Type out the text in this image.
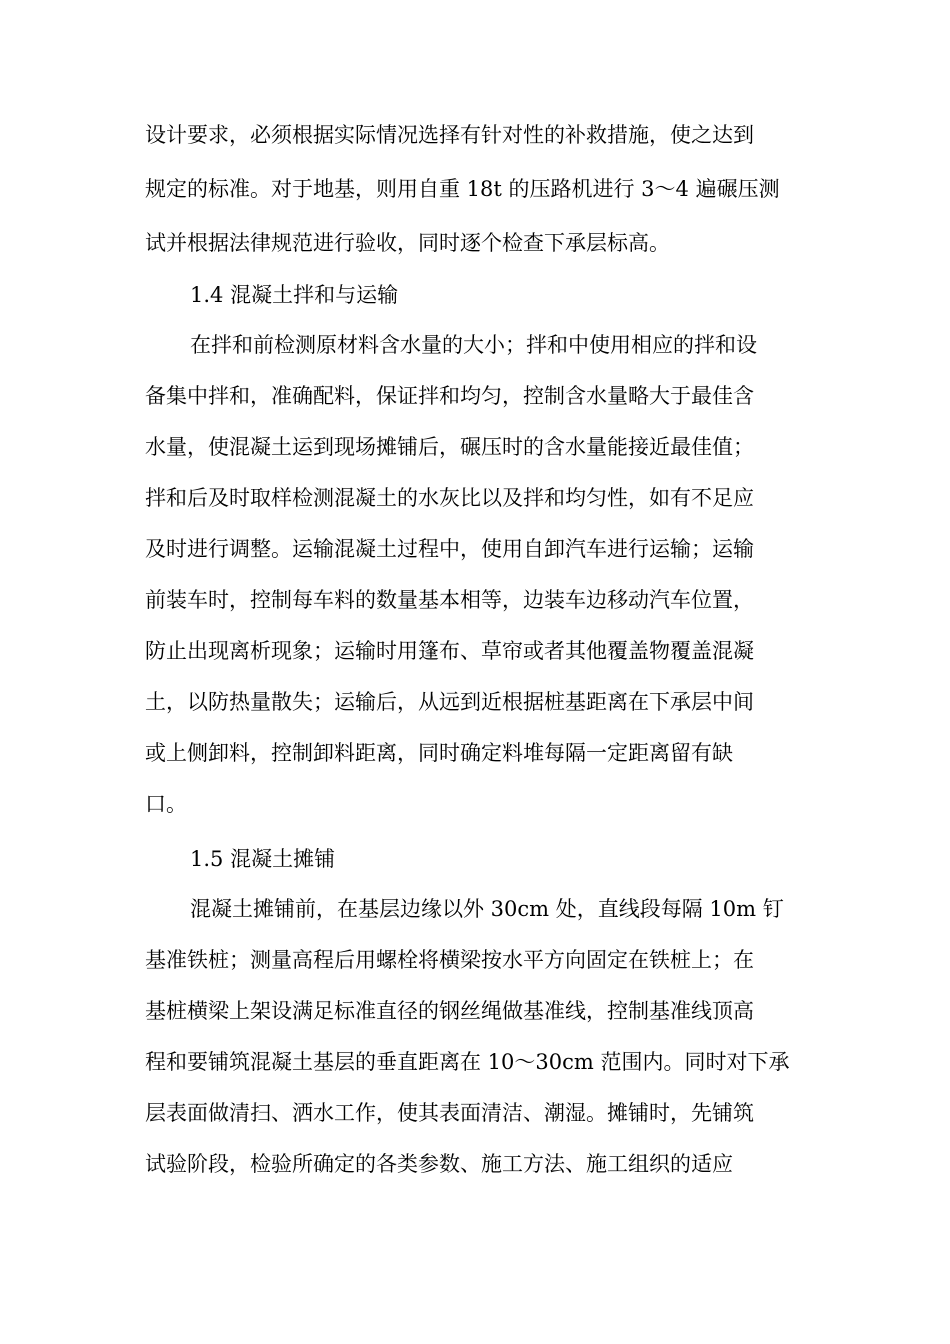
设计要求，必须根据实际情况选择有针对性的补救措施，使之达到
规定的标准。对于地基，则用自重 18t 的压路机进行 3～4 遍碾压测
试并根据法律规范进行验收，同时逐个检查下承层标高。
1.4 混凝土拌和与运输
在拌和前检测原材料含水量的大小；拌和中使用相应的拌和设
备集中拌和，准确配料，保证拌和均匀，控制含水量略大于最佳含
水量，使混凝土运到现场摊铺后，碾压时的含水量能接近最佳值；
拌和后及时取样检测混凝土的水灰比以及拌和均匀性，如有不足应
及时进行调整。运输混凝土过程中，使用自卸汽车进行运输；运输
前装车时，控制每车料的数量基本相等，边装车边移动汽车位置，
防止出现离析现象；运输时用篷布、草帘或者其他覆盖物覆盖混凝
土，以防热量散失；运输后，从远到近根据桩基距离在下承层中间
或上侧卸料，控制卸料距离，同时确定料堆每隔一定距离留有缺
口。
1.5 混凝土摊铺
混凝土摊铺前，在基层边缘以外 30cm 处，直线段每隔 10m 钉
基准铁桩；测量高程后用螺栓将横梁按水平方向固定在铁桩上；在
基桩横梁上架设满足标准直径的钢丝绳做基准线，控制基准线顶高
程和要铺筑混凝土基层的垂直距离在 10～30cm 范围内。同时对下承
层表面做清扫、洒水工作，使其表面清洁、潮湿。摊铺时，先铺筑
试验阶段，检验所确定的各类参数、施工方法、施工组织的适应
